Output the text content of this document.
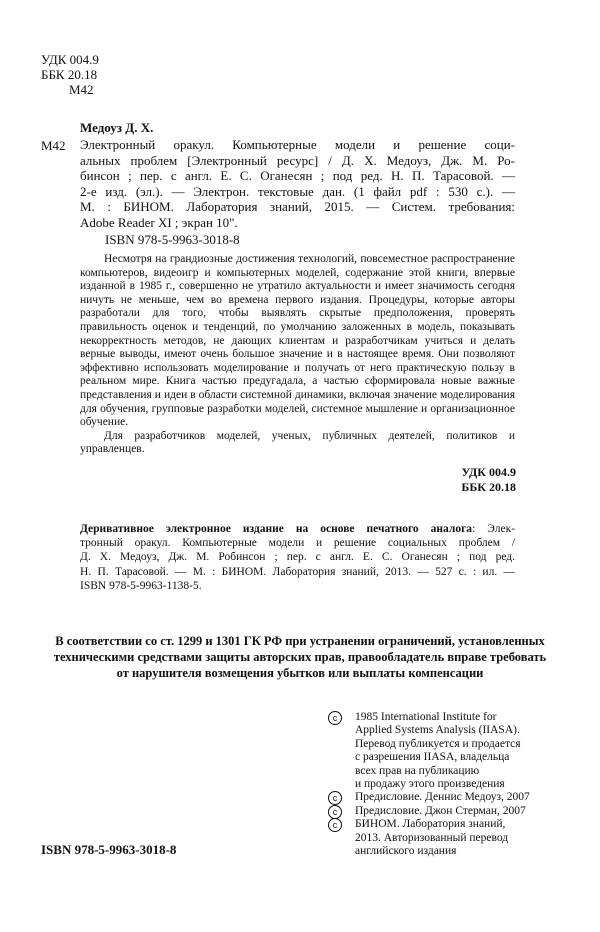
УДК 004.9
ББК 20.18
М42
Медоуз Д. Х.
М42 Электронный оракул. Компьютерные модели и решение соци-
альных проблем [Электронный ресурс] / Д. Х. Медоуз, Дж. М. Ро-
бинсон ; пер. с англ. Е. С. Оганесян ; под ред. Н. П. Тарасовой. —
2-е изд. (эл.). — Электрон. текстовые дан. (1 файл pdf : 530 с.). —
М. : БИНОМ. Лаборатория знаний, 2015. — Систем. требования:
Adobe Reader XI ; экран 10".
ISBN 978-5-9963-3018-8

Несмотря на грандиозные достижения технологий, повсеместное распространение компьютеров, видеоигр и компьютерных моделей, содержание этой книги, впервые изданной в 1985 г., совершенно не утратило актуальности и имеет значимость сегодня ничуть не меньше, чем во времена первого издания. Процедуры, которые авторы разработали для того, чтобы выявлять скрытые предположения, проверять правильность оценок и тенденций, по умолчанию заложенных в модель, показывать некорректность методов, не дающих клиентам и разработчикам учиться и делать верные выводы, имеют очень большое значение и в настоящее время. Они позволяют эффективно использовать моделирование и получать от него практическую пользу в реальном мире. Книга частью предугадала, а частью сформировала новые важные представления и идеи в области системной динамики, включая значение моделирования для обучения, групповые разработки моделей, системное мышление и организационное обучение.

Для разработчиков моделей, ученых, публичных деятелей, политиков и управленцев.

УДК 004.9
ББК 20.18
Деривативное электронное издание на основе печатного аналога: Элек-
тронный оракул. Компьютерные модели и решение социальных проблем /
Д. Х. Медоуз, Дж. М. Робинсон ; пер. с англ. Е. С. Оганесян ; под ред.
Н. П. Тарасовой. — М. : БИНОМ. Лаборатория знаний, 2013. — 527 с. : ил. —
ISBN 978-5-9963-1138-5.
В соответствии со ст. 1299 и 1301 ГК РФ при устранении ограничений, установленных
техническими средствами защиты авторских прав, правообладатель вправе требовать
от нарушителя возмещения убытков или выплаты компенсации
c	1985 International Institute for
Applied Systems Analysis (IIASA).
Перевод публикуется и продается
с разрешения IIASA, владельца
всех прав на публикацию
и продажу этого произведения
c	Предисловие. Деннис Медоуз, 2007
c	Предисловие. Джон Стерман, 2007
c	БИНОМ. Лаборатория знаний,
2013. Авторизованный перевод
английского издания
ISBN 978-5-9963-3018-8
